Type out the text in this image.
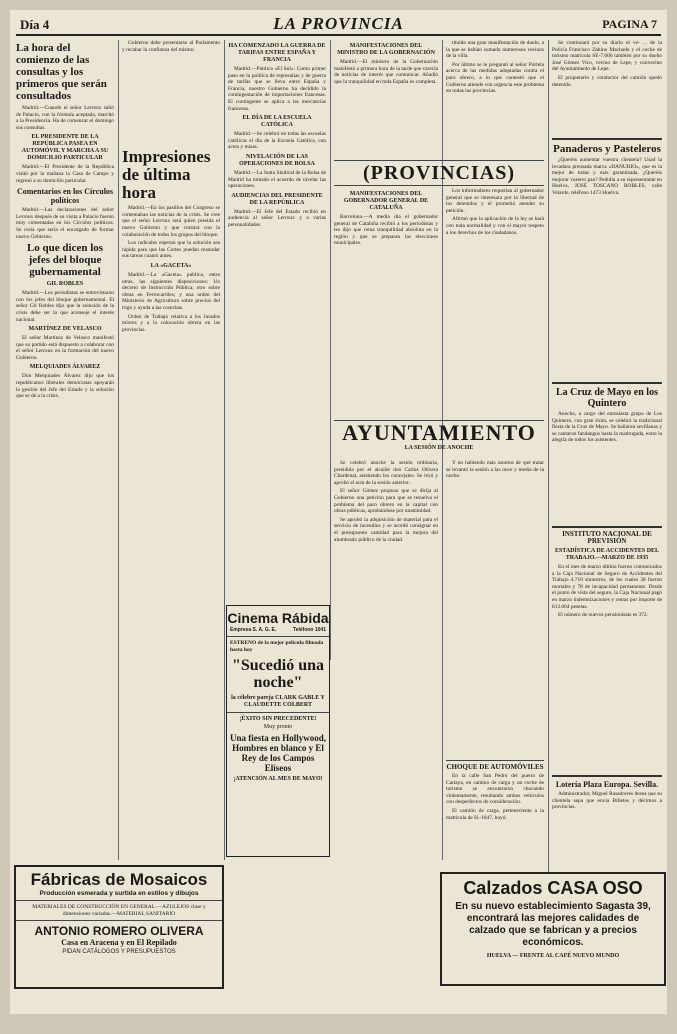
Día 4	LA PROVINCIA	PAGINA 7
La hora del comienzo de las consultas y los primeros que serán consultados

Madrid.—Cuando el señor Lerroux salió de Palacio, con la fórmula aceptada, marchó a la Presidencia. Ha de comenzar el domingo sus consultas.

EL PRESIDENTE DE LA REPÚBLICA PASEA EN AUTOMÓVIL Y MARCHA A SU DOMICILIO PARTICULAR

Madrid.—El Presidente de la República visitó por la mañana la Casa de Campo y regresó a su domicilio particular.

Comentarios en los Círculos políticos

Madrid.—Las declaraciones del señor Lerroux después de su visita a Palacio fueron muy comentadas en los Círculos políticos. Se creía que sería el encargado de formar nuevo Gobierno.

Lo que dicen los jefes del bloque gubernamental
GIL ROBLES

Madrid.—Los periodistas se entrevistaron con los jefes del bloque gubernamental. El señor Gil Robles dijo que la solución de la crisis debe ser la que aconseje el interés nacional.

MARTÍNEZ DE VELASCO

El señor Martínez de Velasco manifestó que su partido está dispuesto a colaborar con el señor Lerroux en la formación del nuevo Gobierno.

MELQUIADES ÁLVAREZ

Don Melquiades Álvarez dijo que los republicanos liberales demócratas apoyarán la gestión del Jefe del Estado y la solución que se dé a la crisis.

Gobierno debe presentarse al Parlamento y recabar la confianza del mismo.

Impresiones de última hora

Madrid.—En los pasillos del Congreso se comentaban las noticias de la crisis. Se cree que el señor Lerroux será quien presida el nuevo Gobierno y que contará con la colaboración de todos los grupos del bloque.

Los radicales esperan que la solución sea rápida para que las Cortes puedan reanudar sus tareas cuanto antes.

LA «GACETA»

Madrid.—La «Gaceta» publica, entre otras, las siguientes disposiciones: Un decreto de Instrucción Pública; otro sobre obras en Ferrocarriles; y una orden del Ministerio de Agricultura sobre precios del trigo y ayuda a las cosechas.

Orden de Trabajo relativa a los Jurados mixtos y a la colocación obrera en las provincias.

HA COMENZADO LA GUERRA DE TARIFAS ENTRE ESPAÑA Y FRANCIA

Madrid.—Publica «El Sol»: Como primer paso en la política de represalias y de guerra de tarifas que se lleva entre España y Francia, nuestro Gobierno ha decidido la contingentación de importaciones francesas. El contingente se aplica a las mercancías francesas.

EL DÍA DE LA ESCUELA CATÓLICA

Madrid.—Se celebró en todas las escuelas católicas el día de la Escuela Católica, con actos y misas.

NIVELACIÓN DE LAS OPERACIONES DE BOLSA

Madrid.—La Junta Sindical de la Bolsa de Madrid ha tomado el acuerdo de nivelar las operaciones.

AUDIENCIAS DEL PRESIDENTE DE LA REPÚBLICA

Madrid.—El Jefe del Estado recibió en audiencia al señor Lerroux y a varias personalidades.

Cinema Rábida
Empresa S. A. G. E.	Teléfono 1041
ESTRENO de la mejor película filmada hasta hoy
"Sucedió una noche"
la célebre pareja CLARK GABLE Y CLAUDETTE COLBERT
¡ÉXITO SIN PRECEDENTE!
Muy pronto
Una fiesta en Hollywood, Hombres en blanco y El Rey de los Campos Elíseos
¡ATENCIÓN AL MES DE MAYO!
MANIFESTACIONES DEL MINISTRO DE LA GOBERNACIÓN

Madrid.—El ministro de la Gobernación manifestó a primera hora de la tarde que carecía de noticias de interés que comunicar. Añadió que la tranquilidad en toda España es completa.

tituido una gran manifestación de duelo, a la que se habían sumado numerosos vecinos de la villa.

Por último se le preguntó al señor Portela acerca de las medidas adoptadas contra el paro obrero, a lo que contestó que el Gobierno atiende con urgencia este problema en todas las provincias.

(PROVINCIAS)
MANIFESTACIONES DEL GOBERNADOR GENERAL DE CATALUÑA

Barcelona.—A media día el gobernador general de Cataluña recibió a los periodistas y les dijo que reina tranquilidad absoluta en la región y que se preparan las elecciones municipales.

Los informadores requerían al gobernador general que se interesara por la libertad de los detenidos y él prometió atender su petición.

Afirmó que la aplicación de la ley se hará con toda normalidad y con el mayor respeto a los derechos de los ciudadanos.

AYUNTAMIENTO
LA SESIÓN DE ANOCHE

Se celebró anoche la sesión ordinaria, presidida por el alcalde don Carlos Olivera Chardenal, asistiendo los concejales. Se leyó y aprobó el acta de la sesión anterior.

El señor Gómez propuso que se dirija al Gobierno una petición para que se resuelva el problema del paro obrero en la capital con obras públicas, aprobándose por unanimidad.

Se aprobó la adquisición de material para el servicio de incendios y se acordó consignar en el presupuesto cantidad para la mejora del alumbrado público de la ciudad.

Y no habiendo más asuntos de qué tratar se levantó la sesión a las once y media de la noche.

CHOQUE DE AUTOMÓVILES

En la calle San Pedro del puerto de Cartaya, en camino de carga y un coche de turismo se encontraron chocando violentamente, resultando ambos vehículos con desperfectos de consideración.

El camión de carga, perteneciente a la matrícula de H.-1847, huyó.

Se continuará por su diario el ve- ... de la Policía Francisco Zahíno Machado y el coche de turismo matrícula SE-7.606 también por su dueño José Gómez Vico, vecino de Lepe, y convecino del Ayuntamiento de Lepe.

El propietario y conductor del camión quedó detenido.

Panaderos y Pasteleros

¿Queréis aumentar vuestra clientela? Usad la levadura prensada marca «DANUBIO», que es la mejor de todas y más garantizada. ¿Queréis mejorar vuestro pan? Pedidla a su representante en Huelva, JOSÉ TOSCANO ROBLES, calle Velarde, teléfono 1473 Huelva.

La Cruz de Mayo en los Quintero

Anoche, a cargo del entusiasta grupo de Los Quintero, con gran éxito, se celebró la tradicional fiesta de la Cruz de Mayo. Se bailaron sevillanas y se cantaron fandangos hasta la madrugada, entre la alegría de todos los asistentes.

INSTITUTO NACIONAL DE PREVISIÓN
ESTADÍSTICA DE ACCIDENTES DEL TRABAJO.—MARZO DE 1935

En el mes de marzo último fueron comunicados a la Caja Nacional de Seguro de Accidentes del Trabajo 4.710 siniestros, de los cuales 38 fueron mortales y 78 de incapacidad permanente. Desde el punto de vista del seguro, la Caja Nacional pagó en marzo indemnizaciones y rentas por importe de 813.604 pesetas.

El número de nuevos pensionistas es 372.

Lotería Plaza Europa. Sevilla.

Administrador, Miguel Rasadorres desea que su clientela sepa que envía Billetes y décimos a provincias.

Fábricas de Mosaicos
Producción esmerada y surtida en estilos y dibujos
MATERIALES DE CONSTRUCCIÓN EN GENERAL.—AZULEJOS clase y dimensiones variadas.—MATERIAL SANITARIO
ANTONIO ROMERO OLIVERA
Casa en Aracena y en El Repilado
PIDAN CATÁLOGOS Y PRESUPUESTOS
Calzados CASA OSO
En su nuevo establecimiento Sagasta 39, encontrará las mejores calidades de calzado que se fabrican y a precios económicos.
HUELVA — FRENTE AL CAFÉ NUEVO MUNDO
